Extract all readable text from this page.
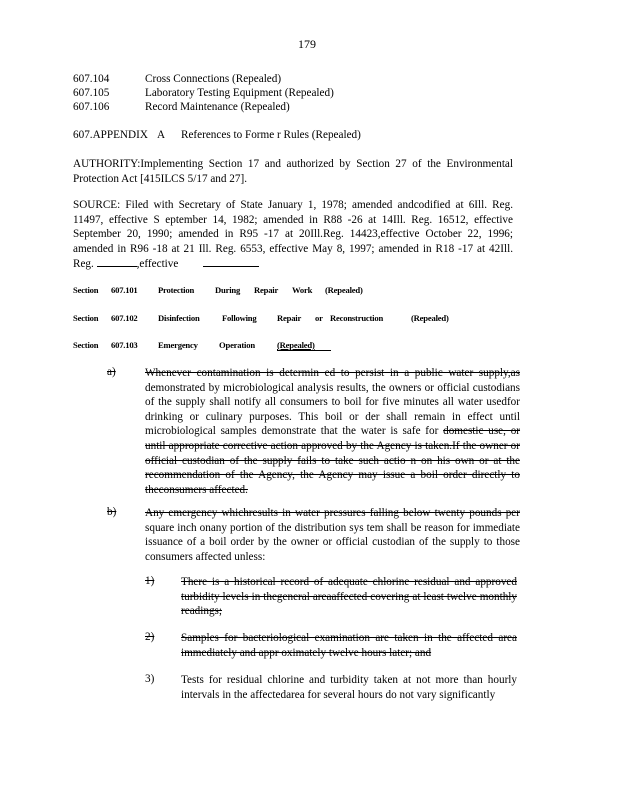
179
607.104	Cross Connections (Repealed)
607.105	Laboratory Testing Equipment (Repealed)
607.106	Record Maintenance (Repealed)
607.APPENDIX A References to Forme r Rules (Repealed)

AUTHORITY:Implementing Section 17 and authorized by Section 27 of the Environmental Protection Act [415ILCS 5/17 and 27].

SOURCE: Filed with Secretary of State January 1, 1978; amended andcodified at 6Ill. Reg. 11497, effective S eptember 14, 1982; amended in R88 -26 at 14Ill. Reg. 16512, effective September 20, 1990; amended in R95 -17 at 20Ill.Reg. 14423,effective October 22, 1996; amended in R96 -18 at 21 Ill. Reg. 6553, effective May 8, 1997; amended in R18 -17 at 42Ill. Reg.	,effective

Section 607.101 Protection During Repair Work (Repealed)
Section 607.102 Disinfection	Following Repair or Reconstruction	(Repealed)
Section 607.103 Emergency Operation	(Repealed)
a)	Whenever contamination is determin ed to persist in a public water supply,as demonstrated by microbiological analysis results, the owners or official custodians of the supply shall notify all consumers to boil for five minutes all water usedfor drinking or culinary purposes. This boil or der shall remain in effect until microbiological samples demonstrate that the water is safe for domestic use, or until appropriate corrective action approved by the Agency is taken.If the owner or official custodian of the supply fails to take such actio n on his own or at the recommendation of the Agency, the Agency may issue a boil order directly to theconsumers affected.

b)	Any emergency whichresults in water pressures falling below twenty pounds per square inch onany portion of the distribution sys tem shall be reason for immediate issuance of a boil order by the owner or official custodian of the supply to those consumers affected unless:

1) There is a historical record of adequate chlorine residual and approved turbidity levels in thegeneral areaaffected covering at least twelve monthly readings;

2) Samples for bacteriological examination are taken in the affected area immediately and appr oximately twelve hours later; and

3) Tests for residual chlorine and turbidity taken at not more than hourly intervals in the affectedarea for several hours do not vary significantly
